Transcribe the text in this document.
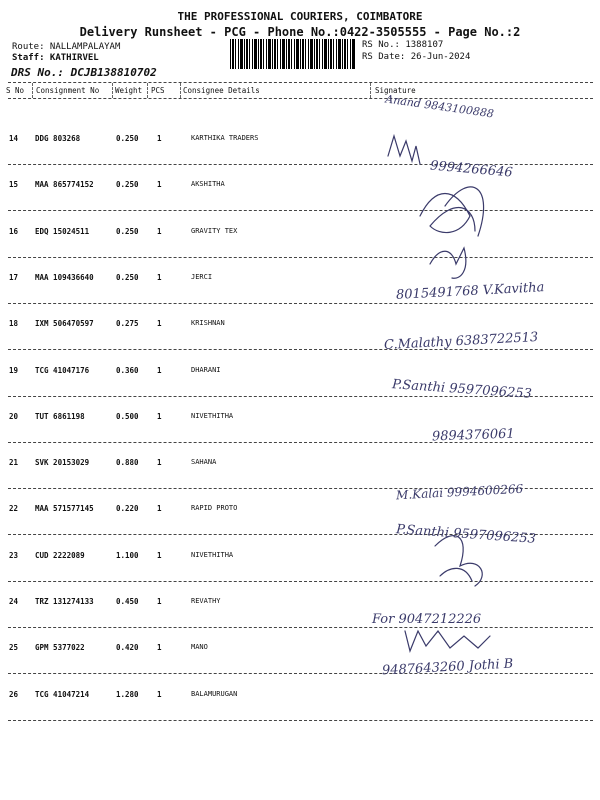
THE PROFESSIONAL COURIERS, COIMBATORE
Delivery Runsheet - PCG - Phone No.:0422-3505555 - Page No.:2
Route: NALLAMPALAYAM
Staff: KATHIRVEL
RS No.: 1388107
RS Date: 26-Jun-2024
DRS No.: DCJB138810702
S No Consignment No Weight PCS Consignee Details	Signature
14 DDG 803268	0.250 1	KARTHIKA TRADERS
15 MAA 865774152	0.250 1	AKSHITHA
16 EDQ 15024511	0.250 1	GRAVITY TEX
17 MAA 109436640	0.250 1	JERCI
18 IXM 506470597	0.275 1	KRISHNAN
19 TCG 41047176	0.360 1	DHARANI
20 TUT 6861198	0.500 1	NIVETHITHA
21 SVK 20153029	0.880 1	SAHANA
22 MAA 571577145	0.220 1	RAPID PROTO
23 CUD 2222089	1.100 1	NIVETHITHA
24 TRZ 131274133	0.450 1	REVATHY
25 GPM 5377022	0.420 1	MANO
26 TCG 41047214	1.280 1	BALAMURUGAN
Anand 9843100888
9994266646
8015491768 V.Kavitha
C.Malathy 6383722513
P.Santhi 9597096253
9894376061
M.Kalai 9994600266
P.Santhi 9597096253
For 9047212226
9487643260 Jothi B
